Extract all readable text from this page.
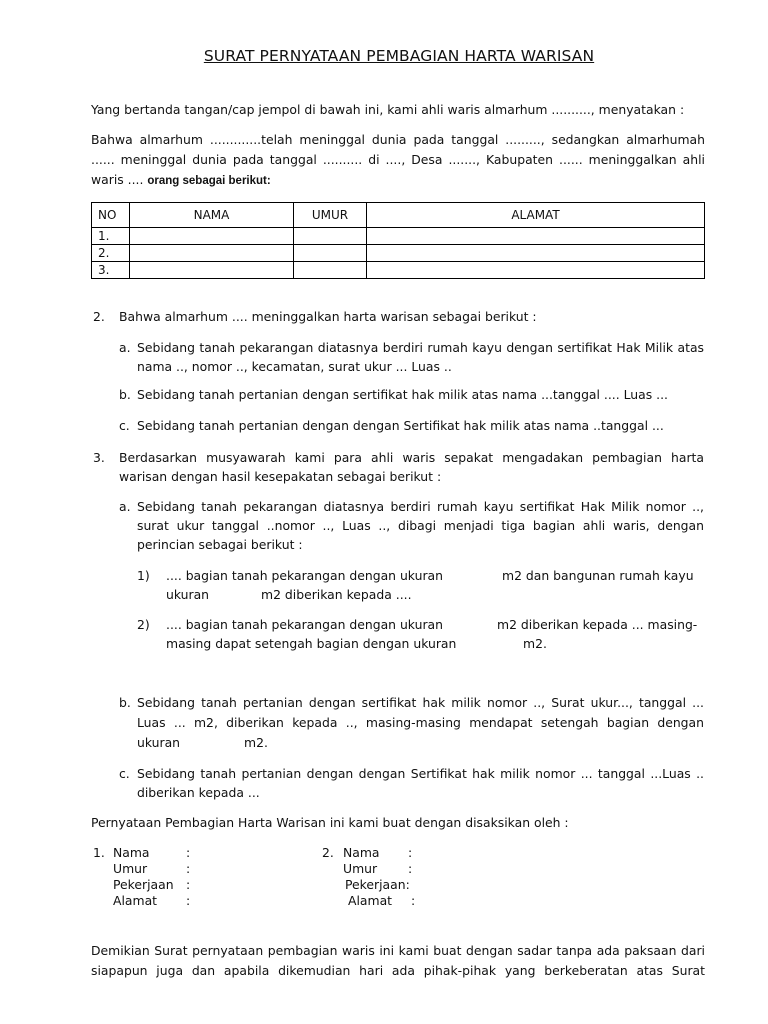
SURAT PERNYATAAN PEMBAGIAN HARTA WARISAN
Yang bertanda tangan/cap jempol di bawah ini, kami ahli waris almarhum .........., menyatakan :
Bahwa almarhum .............telah meninggal dunia pada tanggal ........., sedangkan almarhumah
...... meninggal dunia pada tanggal .......... di ...., Desa ......., Kabupaten ...... meninggalkan ahli
waris .... orang sebagai berikut:
NO	NAMA	UMUR	ALAMAT
1.			
2.			
3.			
2. Bahwa almarhum .... meninggalkan harta warisan sebagai berikut :
a. Sebidang tanah pekarangan diatasnya berdiri rumah kayu dengan sertifikat Hak Milik atas
nama .., nomor .., kecamatan, surat ukur ... Luas ..
b. Sebidang tanah pertanian dengan sertifikat hak milik atas nama ...tanggal .... Luas ...
c. Sebidang tanah pertanian dengan dengan Sertifikat hak milik atas nama ..tanggal ...
3. Berdasarkan musyawarah kami para ahli waris sepakat mengadakan pembagian harta
warisan dengan hasil kesepakatan sebagai berikut :
a. Sebidang tanah pekarangan diatasnya berdiri rumah kayu sertifikat Hak Milik nomor ..,
surat ukur tanggal ..nomor .., Luas .., dibagi menjadi tiga bagian ahli waris, dengan
perincian sebagai berikut :
1) .... bagian tanah pekarangan dengan ukuran	m2 dan bangunan rumah kayu
ukuran	m2 diberikan kepada ....
2) .... bagian tanah pekarangan dengan ukuran	m2 diberikan kepada ... masing-
masing dapat setengah bagian dengan ukuran	m2.
b. Sebidang tanah pertanian dengan sertifikat hak milik nomor .., Surat ukur..., tanggal ...
Luas ... m2, diberikan kepada .., masing-masing mendapat setengah bagian dengan
ukuran	m2.
c. Sebidang tanah pertanian dengan dengan Sertifikat hak milik nomor ... tanggal ...Luas ..
diberikan kepada ...
Pernyataan Pembagian Harta Warisan ini kami buat dengan disaksikan oleh :
1. Nama	:
Umur	:
Pekerjaan :
Alamat :
2. Nama :
Umur :
Pekerjaan:
Alamat :
Demikian Surat pernyataan pembagian waris ini kami buat dengan sadar tanpa ada paksaan dari
siapapun juga dan apabila dikemudian hari ada pihak-pihak yang berkeberatan atas Surat
